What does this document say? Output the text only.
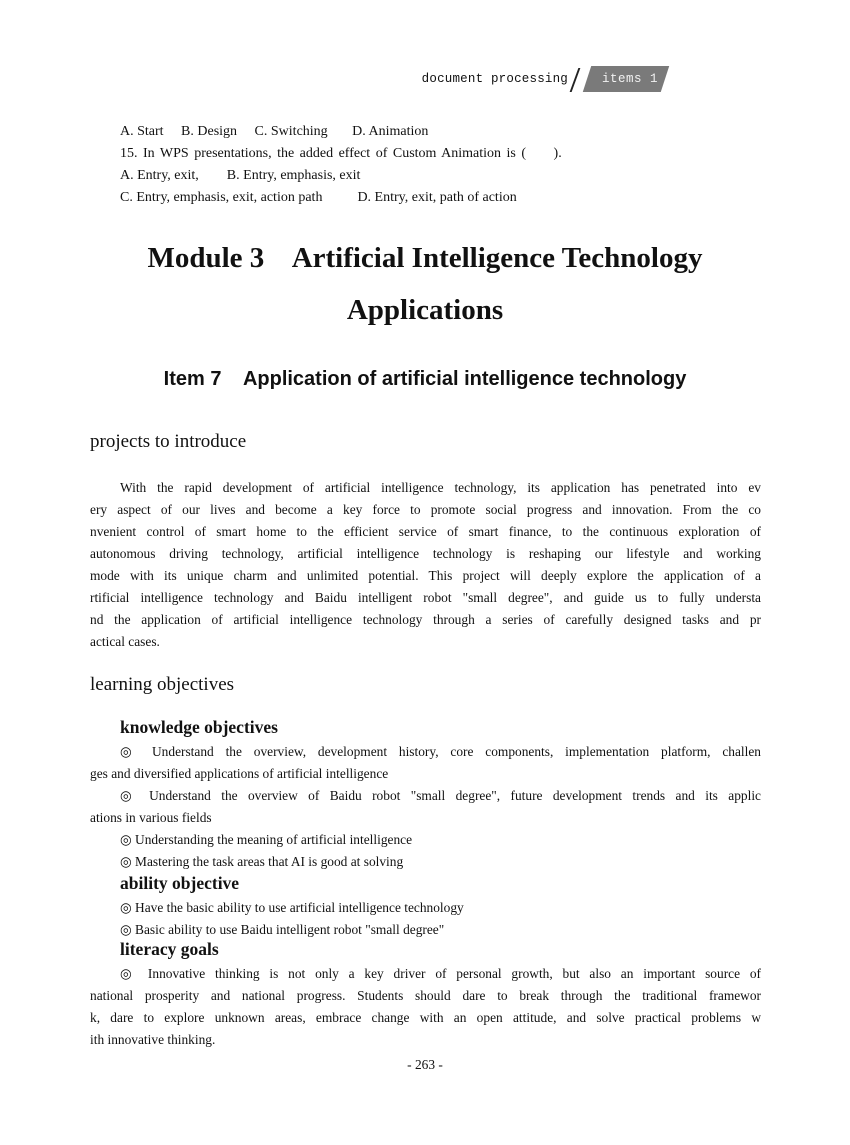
document processing	items 1
A. Start     B. Design     C. Switching       D. Animation
15. In WPS presentations, the added effect of Custom Animation is (     ).
A. Entry, exit,        B. Entry, emphasis, exit
C. Entry, emphasis, exit, action path          D. Entry, exit, path of action
Module 3    Artificial Intelligence Technology
Applications
Item 7    Application of artificial intelligence technology
projects to introduce
With the rapid development of artificial intelligence technology, its application has penetrated into ev
ery aspect of our lives and become a key force to promote social progress and innovation. From the co
nvenient control of smart home to the efficient service of smart finance, to the continuous exploration of
autonomous driving technology, artificial intelligence technology is reshaping our lifestyle and working
mode with its unique charm and unlimited potential. This project will deeply explore the application of a
rtificial intelligence technology and Baidu intelligent robot "small degree", and guide us to fully understa
nd the application of artificial intelligence technology through a series of carefully designed tasks and pr
actical cases.
learning objectives
knowledge objectives
◎ Understand the overview, development history, core components, implementation platform, challen
ges and diversified applications of artificial intelligence
◎ Understand the overview of Baidu robot "small degree", future development trends and its applic
ations in various fields
◎ Understanding the meaning of artificial intelligence
◎ Mastering the task areas that AI is good at solving
ability objective
◎ Have the basic ability to use artificial intelligence technology
◎ Basic ability to use Baidu intelligent robot "small degree"
literacy goals
◎ Innovative thinking is not only a key driver of personal growth, but also an important source of
national prosperity and national progress. Students should dare to break through the traditional framewor
k, dare to explore unknown areas, embrace change with an open attitude, and solve practical problems w
ith innovative thinking.
- 263 -
